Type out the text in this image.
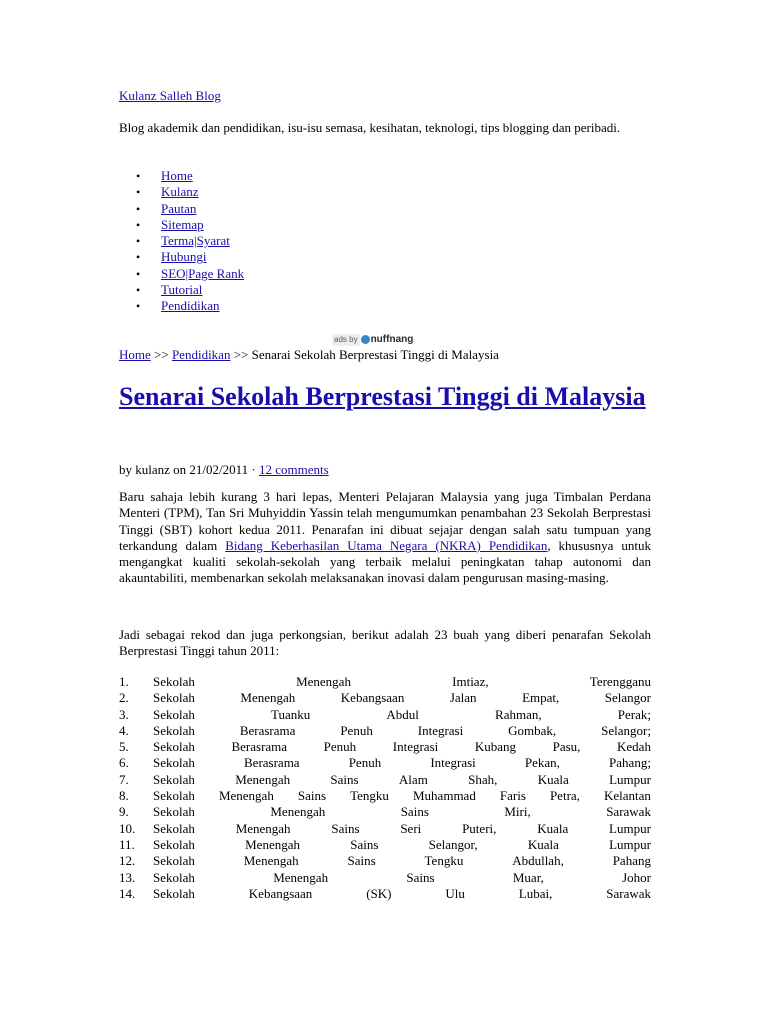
Kulanz Salleh Blog
Blog akademik dan pendidikan, isu-isu semasa, kesihatan, teknologi, tips blogging dan peribadi.
• Home
• Kulanz
• Pautan
• Sitemap
• Terma|Syarat
• Hubungi
• SEO|Page Rank
• Tutorial
• Pendidikan
ads by nuffnang
Home >> Pendidikan >> Senarai Sekolah Berprestasi Tinggi di Malaysia
Senarai Sekolah Berprestasi Tinggi di Malaysia
by kulanz on 21/02/2011 · 12 comments

Baru sahaja lebih kurang 3 hari lepas, Menteri Pelajaran Malaysia yang juga Timbalan Perdana Menteri (TPM), Tan Sri Muhyiddin Yassin telah mengumumkan penambahan 23 Sekolah Berprestasi Tinggi (SBT) kohort kedua 2011. Penarafan ini dibuat sejajar dengan salah satu tumpuan yang terkandung dalam Bidang Keberhasilan Utama Negara (NKRA) Pendidikan, khususnya untuk mengangkat kualiti sekolah-sekolah yang terbaik melalui peningkatan tahap autonomi dan akauntabiliti, membenarkan sekolah melaksanakan inovasi dalam pengurusan masing-masing.

Jadi sebagai rekod dan juga perkongsian, berikut adalah 23 buah yang diberi penarafan Sekolah Berprestasi Tinggi tahun 2011:

1.	Sekolah	Menengah	Imtiaz,	Terengganu
2.	Sekolah	Menengah	Kebangsaan	Jalan	Empat,	Selangor
3.	Sekolah	Tuanku	Abdul	Rahman,	Perak;
4.	Sekolah	Berasrama	Penuh	Integrasi	Gombak,	Selangor;
5.	Sekolah	Berasrama	Penuh	Integrasi	Kubang	Pasu,	Kedah
6.	Sekolah	Berasrama	Penuh	Integrasi	Pekan,	Pahang;
7.	Sekolah	Menengah	Sains	Alam	Shah,	Kuala	Lumpur
8.	Sekolah Menengah Sains Tengku Muhammad Faris Petra, Kelantan
9.	Sekolah	Menengah	Sains	Miri,	Sarawak
10.	Sekolah	Menengah	Sains	Seri	Puteri,	Kuala	Lumpur
11.	Sekolah	Menengah	Sains	Selangor,	Kuala	Lumpur
12.	Sekolah	Menengah	Sains	Tengku	Abdullah,	Pahang
13.	Sekolah	Menengah	Sains	Muar,	Johor
14.	Sekolah	Kebangsaan	(SK)	Ulu	Lubai,	Sarawak
